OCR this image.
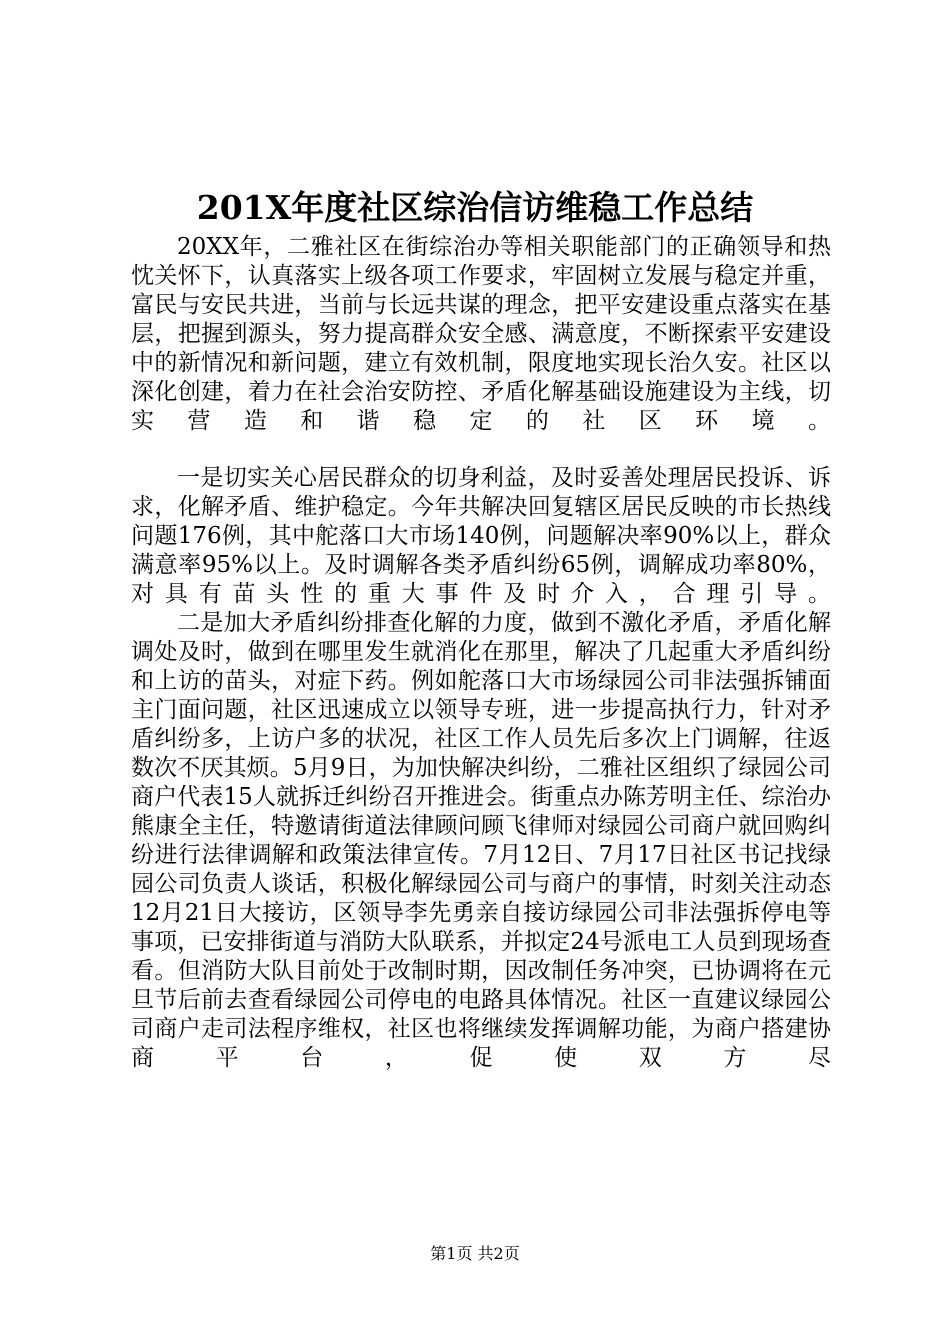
201X年度社区综治信访维稳工作总结

20XX年，二雅社区在街综治办等相关职能部门的正确领导和热忱关怀下，认真落实上级各项工作要求，牢固树立发展与稳定并重，富民与安民共进，当前与长远共谋的理念，把平安建设重点落实在基层，把握到源头，努力提高群众安全感、满意度，不断探索平安建设中的新情况和新问题，建立有效机制，限度地实现长治久安。社区以深化创建，着力在社会治安防控、矛盾化解基础设施建设为主线，切实营造和谐稳定的社区环境。

一是切实关心居民群众的切身利益，及时妥善处理居民投诉、诉求，化解矛盾、维护稳定。今年共解决回复辖区居民反映的市长热线问题176例，其中舵落口大市场140例，问题解决率90%以上，群众满意率95%以上。及时调解各类矛盾纠纷65例，调解成功率80%，对具有苗头性的重大事件及时介入，合理引导。

二是加大矛盾纠纷排查化解的力度，做到不激化矛盾，矛盾化解调处及时，做到在哪里发生就消化在那里，解决了几起重大矛盾纠纷和上访的苗头，对症下药。例如舵落口大市场绿园公司非法强拆铺面主门面问题，社区迅速成立以领导专班，进一步提高执行力，针对矛盾纠纷多，上访户多的状况，社区工作人员先后多次上门调解，往返数次不厌其烦。5月9日，为加快解决纠纷，二雅社区组织了绿园公司商户代表15人就拆迁纠纷召开推进会。街重点办陈芳明主任、综治办熊康全主任，特邀请街道法律顾问顾飞律师对绿园公司商户就回购纠纷进行法律调解和政策法律宣传。7月12日、7月17日社区书记找绿园公司负责人谈话，积极化解绿园公司与商户的事情，时刻关注动态12月21日大接访，区领导李先勇亲自接访绿园公司非法强拆停电等事项，已安排街道与消防大队联系，并拟定24号派电工人员到现场查看。但消防大队目前处于改制时期，因改制任务冲突，已协调将在元旦节后前去查看绿园公司停电的电路具体情况。社区一直建议绿园公司商户走司法程序维权，社区也将继续发挥调解功能，为商户搭建协商平台，促使双方尽

第1页 共2页
